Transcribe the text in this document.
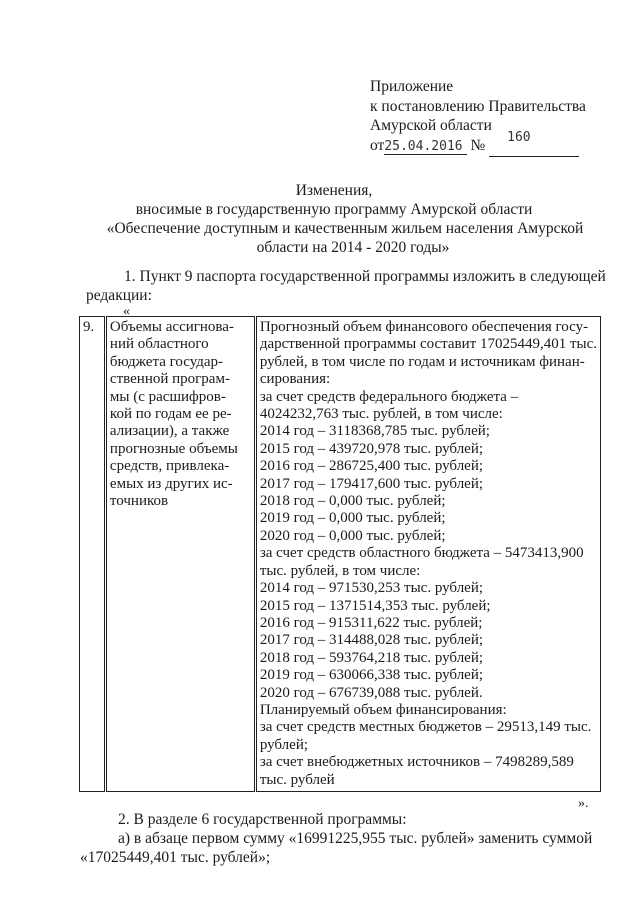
Приложение
к постановлению Правительства
Амурской области
от25.04.2016 № 160
Изменения,
вносимые в государственную программу Амурской области
«Обеспечение доступным и качественным жильем населения Амурской
области на 2014 - 2020 годы»
1. Пункт 9 паспорта государственной программы изложить в следующей
редакции:
«
9.	Объемы ассигнова-
ний областного
бюджета государ-
ственной програм-
мы (с расшифров-
кой по годам ее ре-
ализации), а также
прогнозные объемы
средств, привлека-
емых из других ис-
точников

Прогнозный объем финансового обеспечения госу-
дарственной программы составит 17025449,401 тыс.
рублей, в том числе по годам и источникам финан-
сирования:
за счет средств федерального бюджета –
4024232,763 тыс. рублей, в том числе:
2014 год – 3118368,785 тыс. рублей;
2015 год – 439720,978 тыс. рублей;
2016 год – 286725,400 тыс. рублей;
2017 год – 179417,600 тыс. рублей;
2018 год – 0,000 тыс. рублей;
2019 год – 0,000 тыс. рублей;
2020 год – 0,000 тыс. рублей;
за счет средств областного бюджета – 5473413,900
тыс. рублей, в том числе:
2014 год – 971530,253 тыс. рублей;
2015 год – 1371514,353 тыс. рублей;
2016 год – 915311,622 тыс. рублей;
2017 год – 314488,028 тыс. рублей;
2018 год – 593764,218 тыс. рублей;
2019 год – 630066,338 тыс. рублей;
2020 год – 676739,088 тыс. рублей.
Планируемый объем финансирования:
за счет средств местных бюджетов – 29513,149 тыс.
рублей;
за счет внебюджетных источников – 7498289,589
тыс. рублей
».
2. В разделе 6 государственной программы:
а) в абзаце первом сумму «16991225,955 тыс. рублей» заменить суммой
«17025449,401 тыс. рублей»;
